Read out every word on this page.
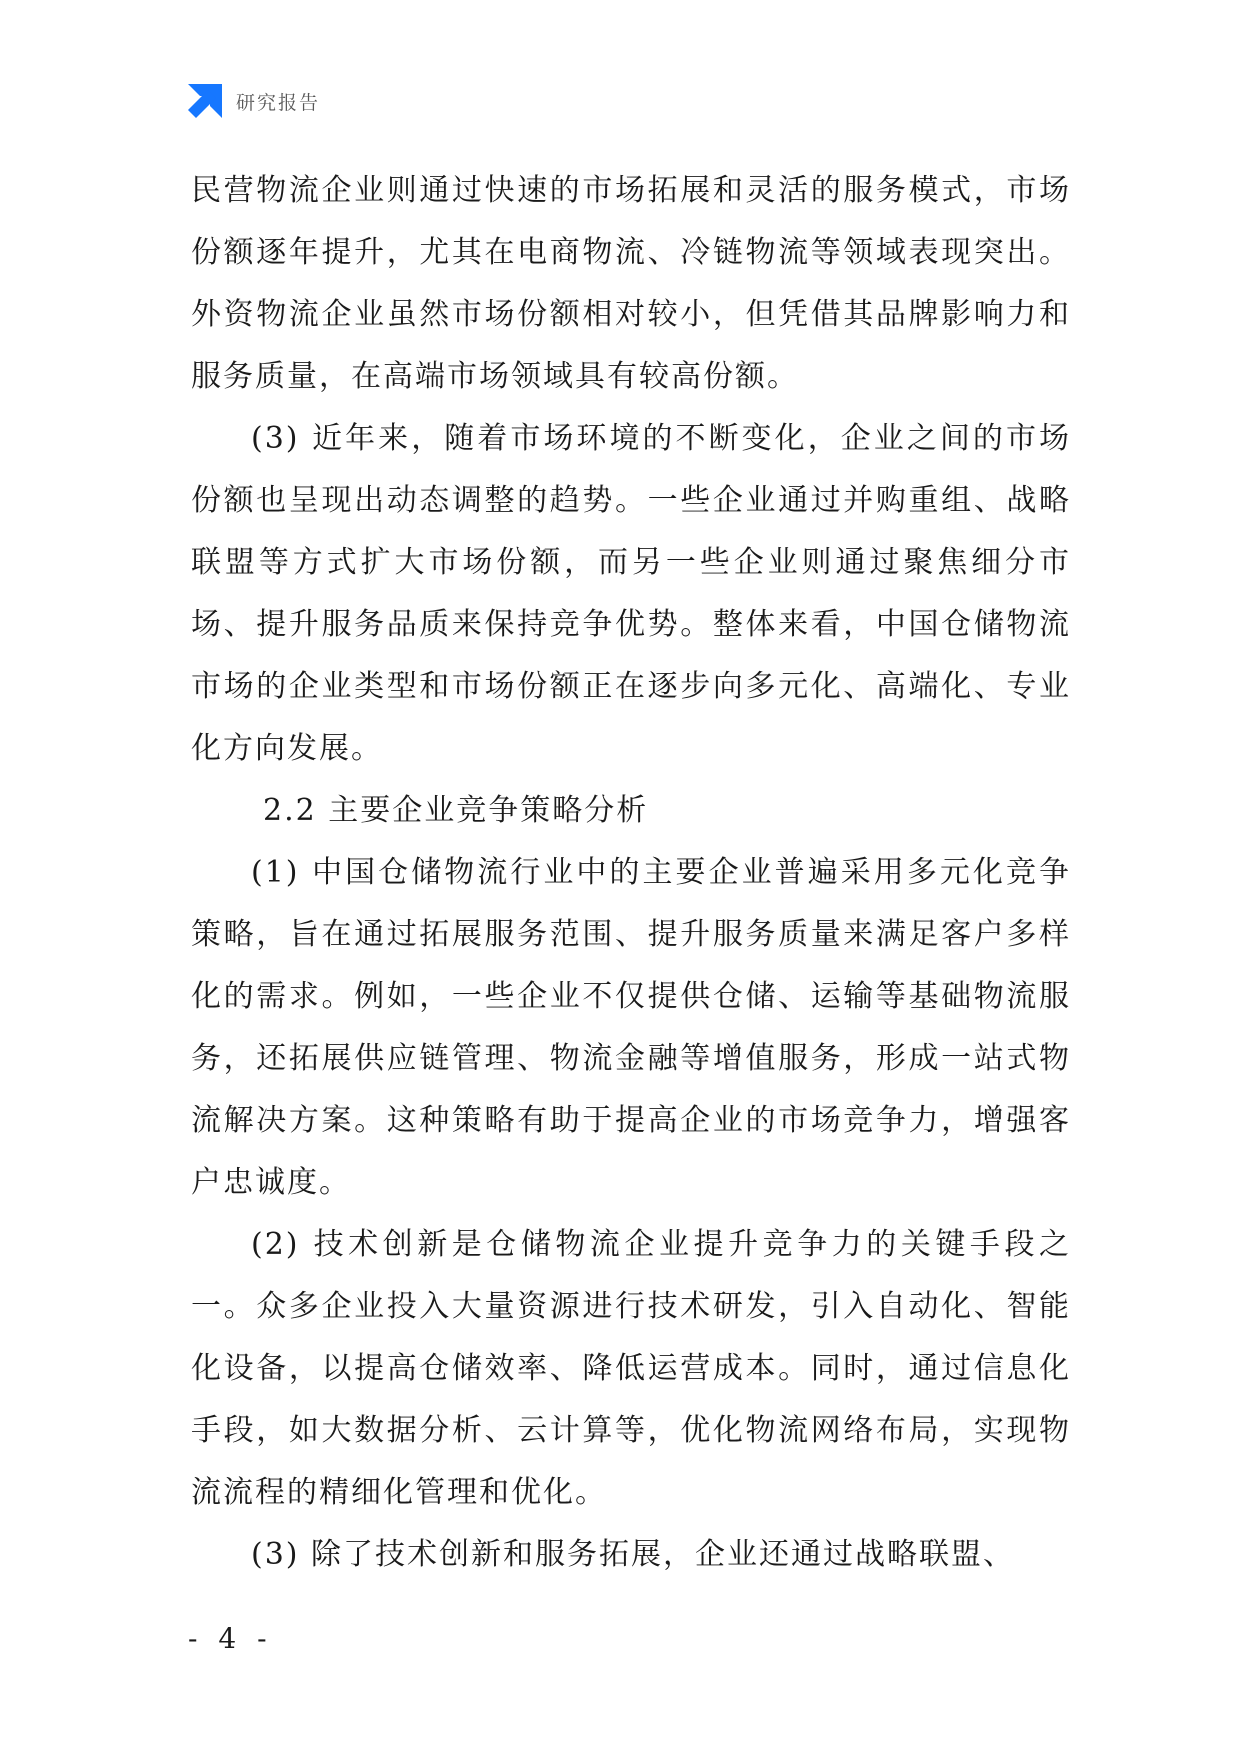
研究报告

民营物流企业则通过快速的市场拓展和灵活的服务模式，市场份额逐年提升，尤其在电商物流、冷链物流等领域表现突出。外资物流企业虽然市场份额相对较小，但凭借其品牌影响力和服务质量，在高端市场领域具有较高份额。

(3) 近年来，随着市场环境的不断变化，企业之间的市场份额也呈现出动态调整的趋势。一些企业通过并购重组、战略联盟等方式扩大市场份额，而另一些企业则通过聚焦细分市场、提升服务品质来保持竞争优势。整体来看，中国仓储物流市场的企业类型和市场份额正在逐步向多元化、高端化、专业化方向发展。

2.2 主要企业竞争策略分析

(1) 中国仓储物流行业中的主要企业普遍采用多元化竞争策略，旨在通过拓展服务范围、提升服务质量来满足客户多样化的需求。例如，一些企业不仅提供仓储、运输等基础物流服务，还拓展供应链管理、物流金融等增值服务，形成一站式物流解决方案。这种策略有助于提高企业的市场竞争力，增强客户忠诚度。

(2) 技术创新是仓储物流企业提升竞争力的关键手段之一。众多企业投入大量资源进行技术研发，引入自动化、智能化设备，以提高仓储效率、降低运营成本。同时，通过信息化手段，如大数据分析、云计算等，优化物流网络布局，实现物流流程的精细化管理和优化。

(3) 除了技术创新和服务拓展，企业还通过战略联盟、

- 4 -
